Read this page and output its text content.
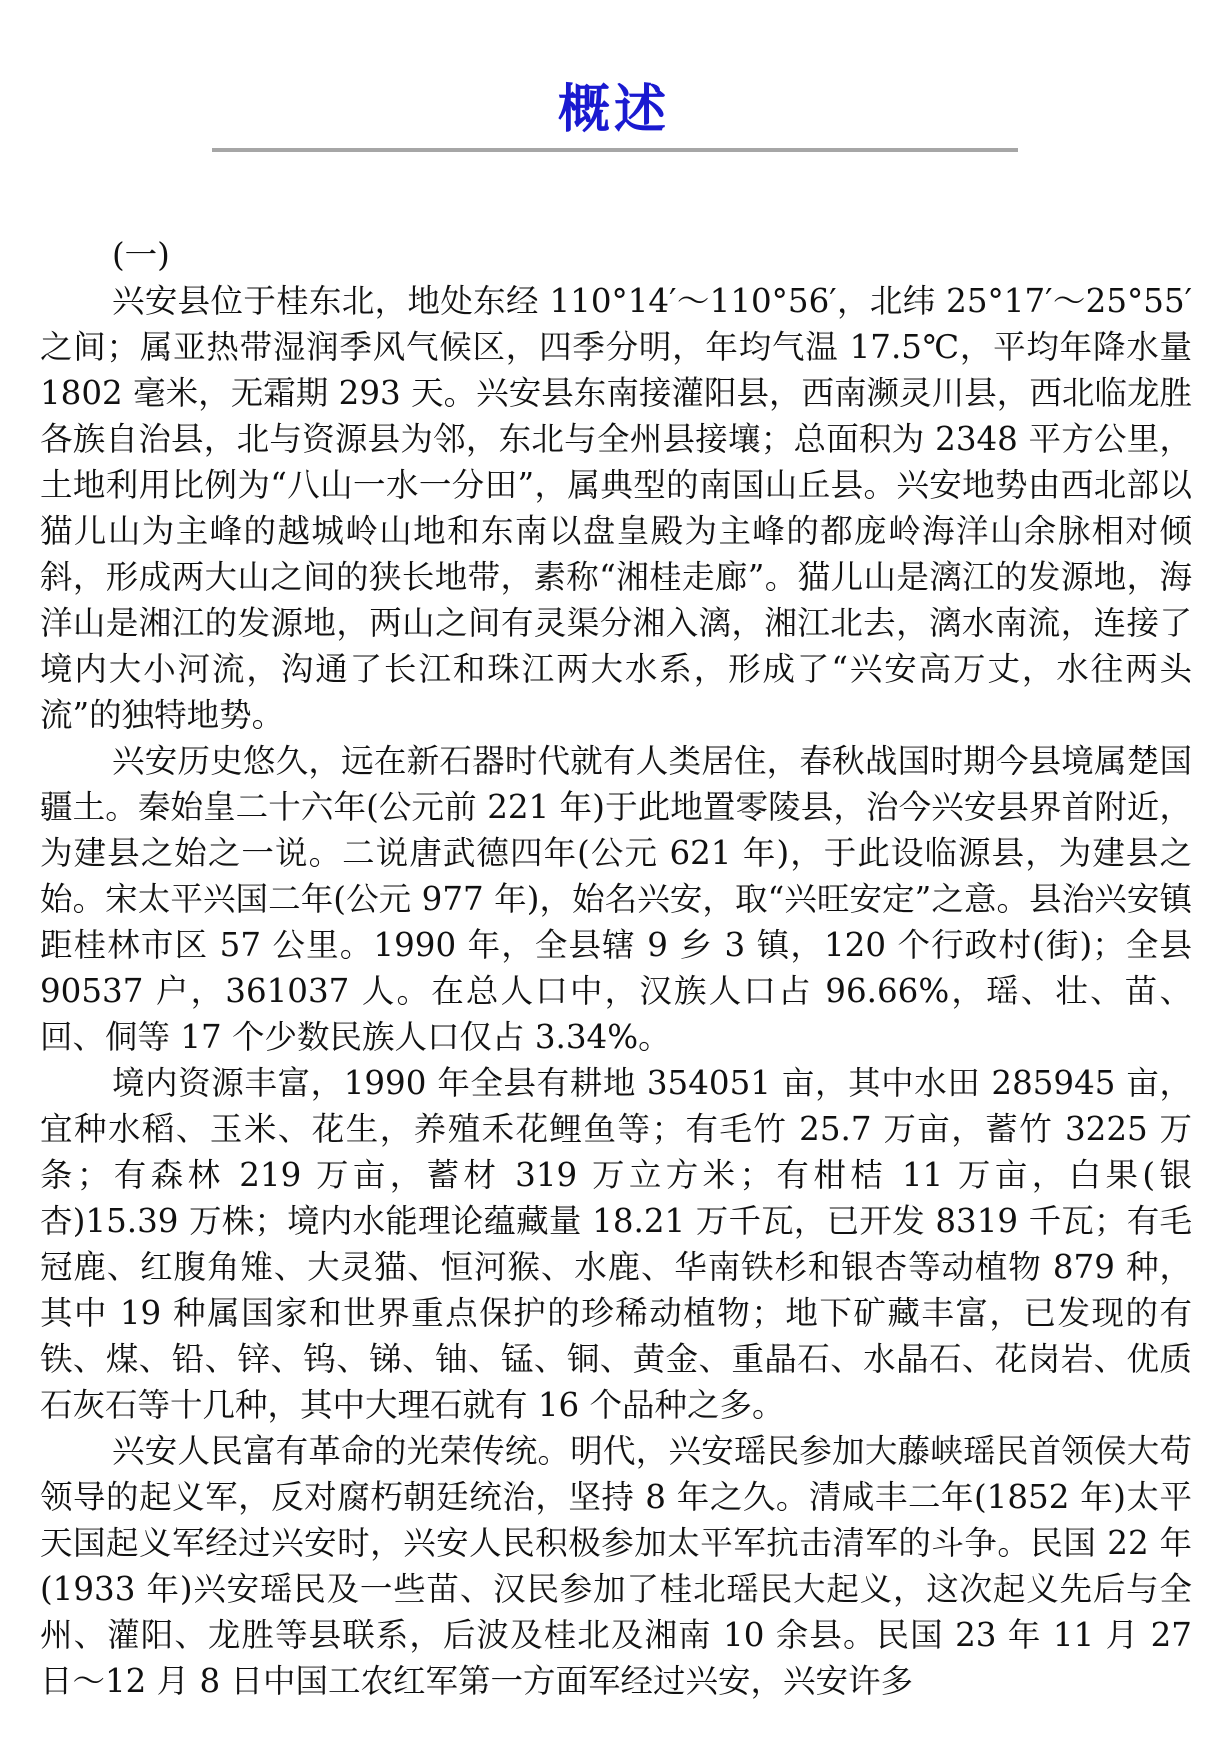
概述

(一)

兴安县位于桂东北，地处东经 110°14′～110°56′，北纬 25°17′～25°55′之间；属亚热带湿润季风气候区，四季分明，年均气温 17.5℃，平均年降水量 1802 毫米，无霜期 293 天。兴安县东南接灌阳县，西南濒灵川县，西北临龙胜各族自治县，北与资源县为邻，东北与全州县接壤；总面积为 2348 平方公里，土地利用比例为“八山一水一分田”，属典型的南国山丘县。兴安地势由西北部以猫儿山为主峰的越城岭山地和东南以盘皇殿为主峰的都庞岭海洋山余脉相对倾斜，形成两大山之间的狭长地带，素称“湘桂走廊”。猫儿山是漓江的发源地，海洋山是湘江的发源地，两山之间有灵渠分湘入漓，湘江北去，漓水南流，连接了境内大小河流，沟通了长江和珠江两大水系，形成了“兴安高万丈，水往两头流”的独特地势。

兴安历史悠久，远在新石器时代就有人类居住，春秋战国时期今县境属楚国疆土。秦始皇二十六年(公元前 221 年)于此地置零陵县，治今兴安县界首附近，为建县之始之一说。二说唐武德四年(公元 621 年)，于此设临源县，为建县之始。宋太平兴国二年(公元 977 年)，始名兴安，取“兴旺安定”之意。县治兴安镇距桂林市区 57 公里。1990 年，全县辖 9 乡 3 镇，120 个行政村(街)；全县 90537 户，361037 人。在总人口中，汉族人口占 96.66%，瑶、壮、苗、回、侗等 17 个少数民族人口仅占 3.34%。

境内资源丰富，1990 年全县有耕地 354051 亩，其中水田 285945 亩，宜种水稻、玉米、花生，养殖禾花鲤鱼等；有毛竹 25.7 万亩，蓄竹 3225 万条；有森林 219 万亩，蓄材 319 万立方米；有柑桔 11 万亩，白果(银杏)15.39 万株；境内水能理论蕴藏量 18.21 万千瓦，已开发 8319 千瓦；有毛冠鹿、红腹角雉、大灵猫、恒河猴、水鹿、华南铁杉和银杏等动植物 879 种，其中 19 种属国家和世界重点保护的珍稀动植物；地下矿藏丰富，已发现的有铁、煤、铅、锌、钨、锑、铀、锰、铜、黄金、重晶石、水晶石、花岗岩、优质石灰石等十几种，其中大理石就有 16 个品种之多。

兴安人民富有革命的光荣传统。明代，兴安瑶民参加大藤峡瑶民首领侯大苟领导的起义军，反对腐朽朝廷统治，坚持 8 年之久。清咸丰二年(1852 年)太平天国起义军经过兴安时，兴安人民积极参加太平军抗击清军的斗争。民国 22 年(1933 年)兴安瑶民及一些苗、汉民参加了桂北瑶民大起义，这次起义先后与全州、灌阳、龙胜等县联系，后波及桂北及湘南 10 余县。民国 23 年 11 月 27 日～12 月 8 日中国工农红军第一方面军经过兴安，兴安许多
